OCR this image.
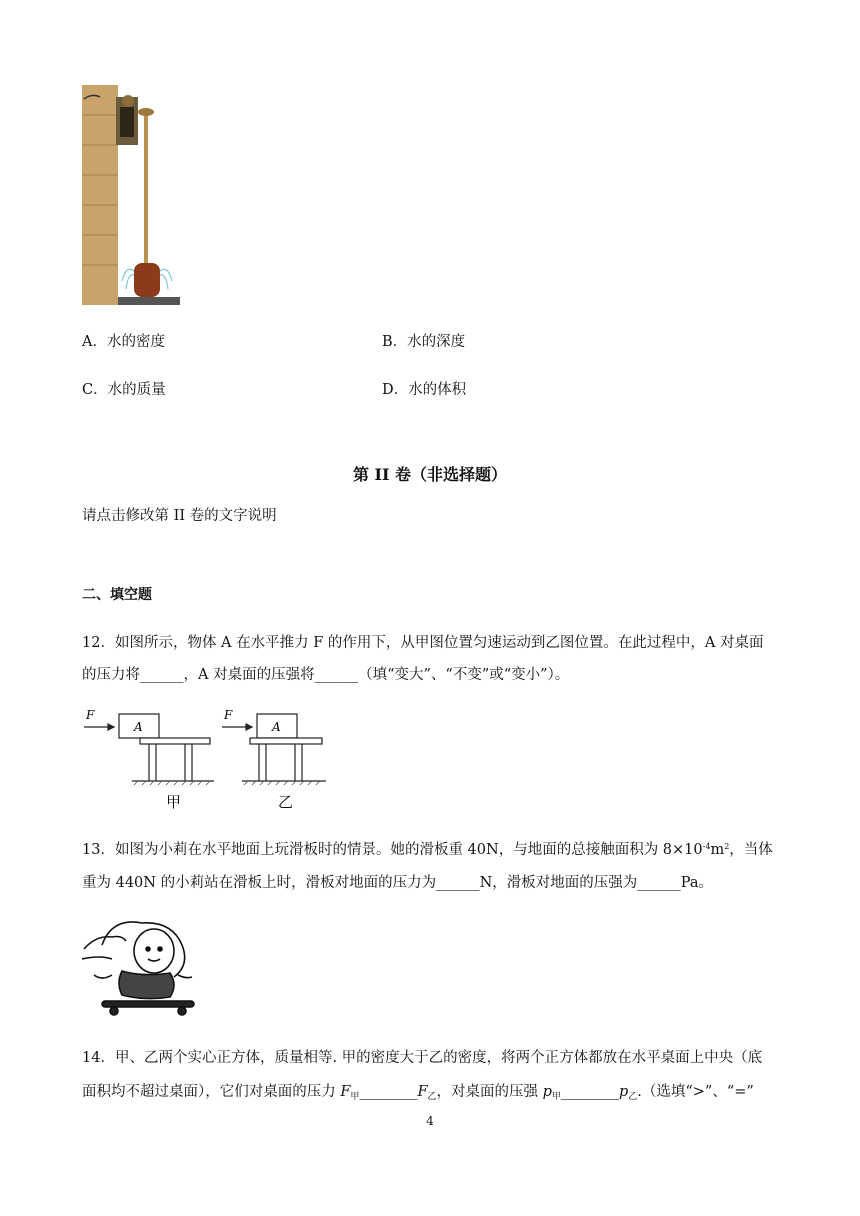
A．水的密度	B．水的深度
C．水的质量	D．水的体积
第 II 卷（非选择题）
请点击修改第 II 卷的文字说明
二、填空题
12．如图所示，物体 A 在水平推力 F 的作用下，从甲图位置匀速运动到乙图位置。在此过程中，A 对桌面
的压力将______，A 对桌面的压强将______（填“变大”、“不变”或“变小”）。
F
A
F
A
甲	乙
13．如图为小莉在水平地面上玩滑板时的情景。她的滑板重 40N，与地面的总接触面积为 $8\times 10^{-4}m^2$，当体
重为 440N 的小莉站在滑板上时，滑板对地面的压力为______N，滑板对地面的压强为______Pa。
14．甲、乙两个实心正方体，质量相等. 甲的密度大于乙的密度，将两个正方体都放在水平桌面上中央（底
面积均不超过桌面），它们对桌面的压力 $F_甲\_\_\_\_\_\_\_\_F_乙$，对桌面的压强 $p_甲\_\_\_\_\_\_\_\_p_乙$.（选填“>”、“=”
4
